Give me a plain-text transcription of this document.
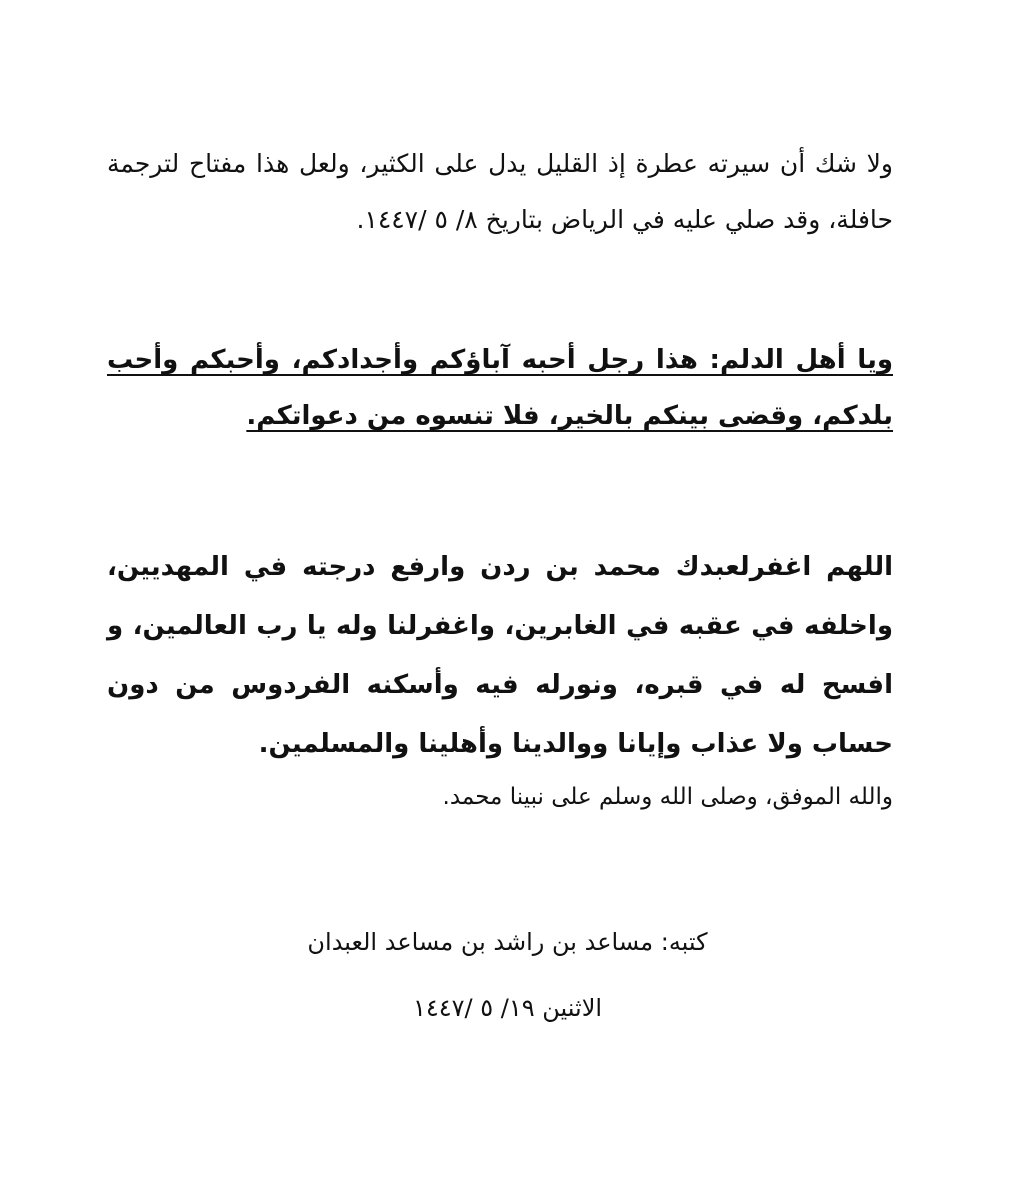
ولا شك أن سيرته عطرة إذ القليل يدل على الكثير، ولعل هذا مفتاح لترجمة حافلة، وقد صلي عليه في الرياض بتاريخ ٨/ ٥ /١٤٤٧.

ويا أهل الدلم: هذا رجل أحبه آباؤكم وأجدادكم، وأحبكم وأحب بلدكم، وقضى بينكم بالخير، فلا تنسوه من دعواتكم.

اللهم اغفرلعبدك محمد بن ردن وارفع درجته في المهديين، واخلفه في عقبه في الغابرين، واغفرلنا وله يا رب العالمين، و افسح له في قبره، ونورله فيه وأسكنه الفردوس من دون حساب ولا عذاب وإيانا ووالدينا وأهلينا والمسلمين.

والله الموفق، وصلى الله وسلم على نبينا محمد.

كتبه: مساعد بن راشد بن مساعد العبدان

الاثنين ١٩/ ٥ /١٤٤٧
